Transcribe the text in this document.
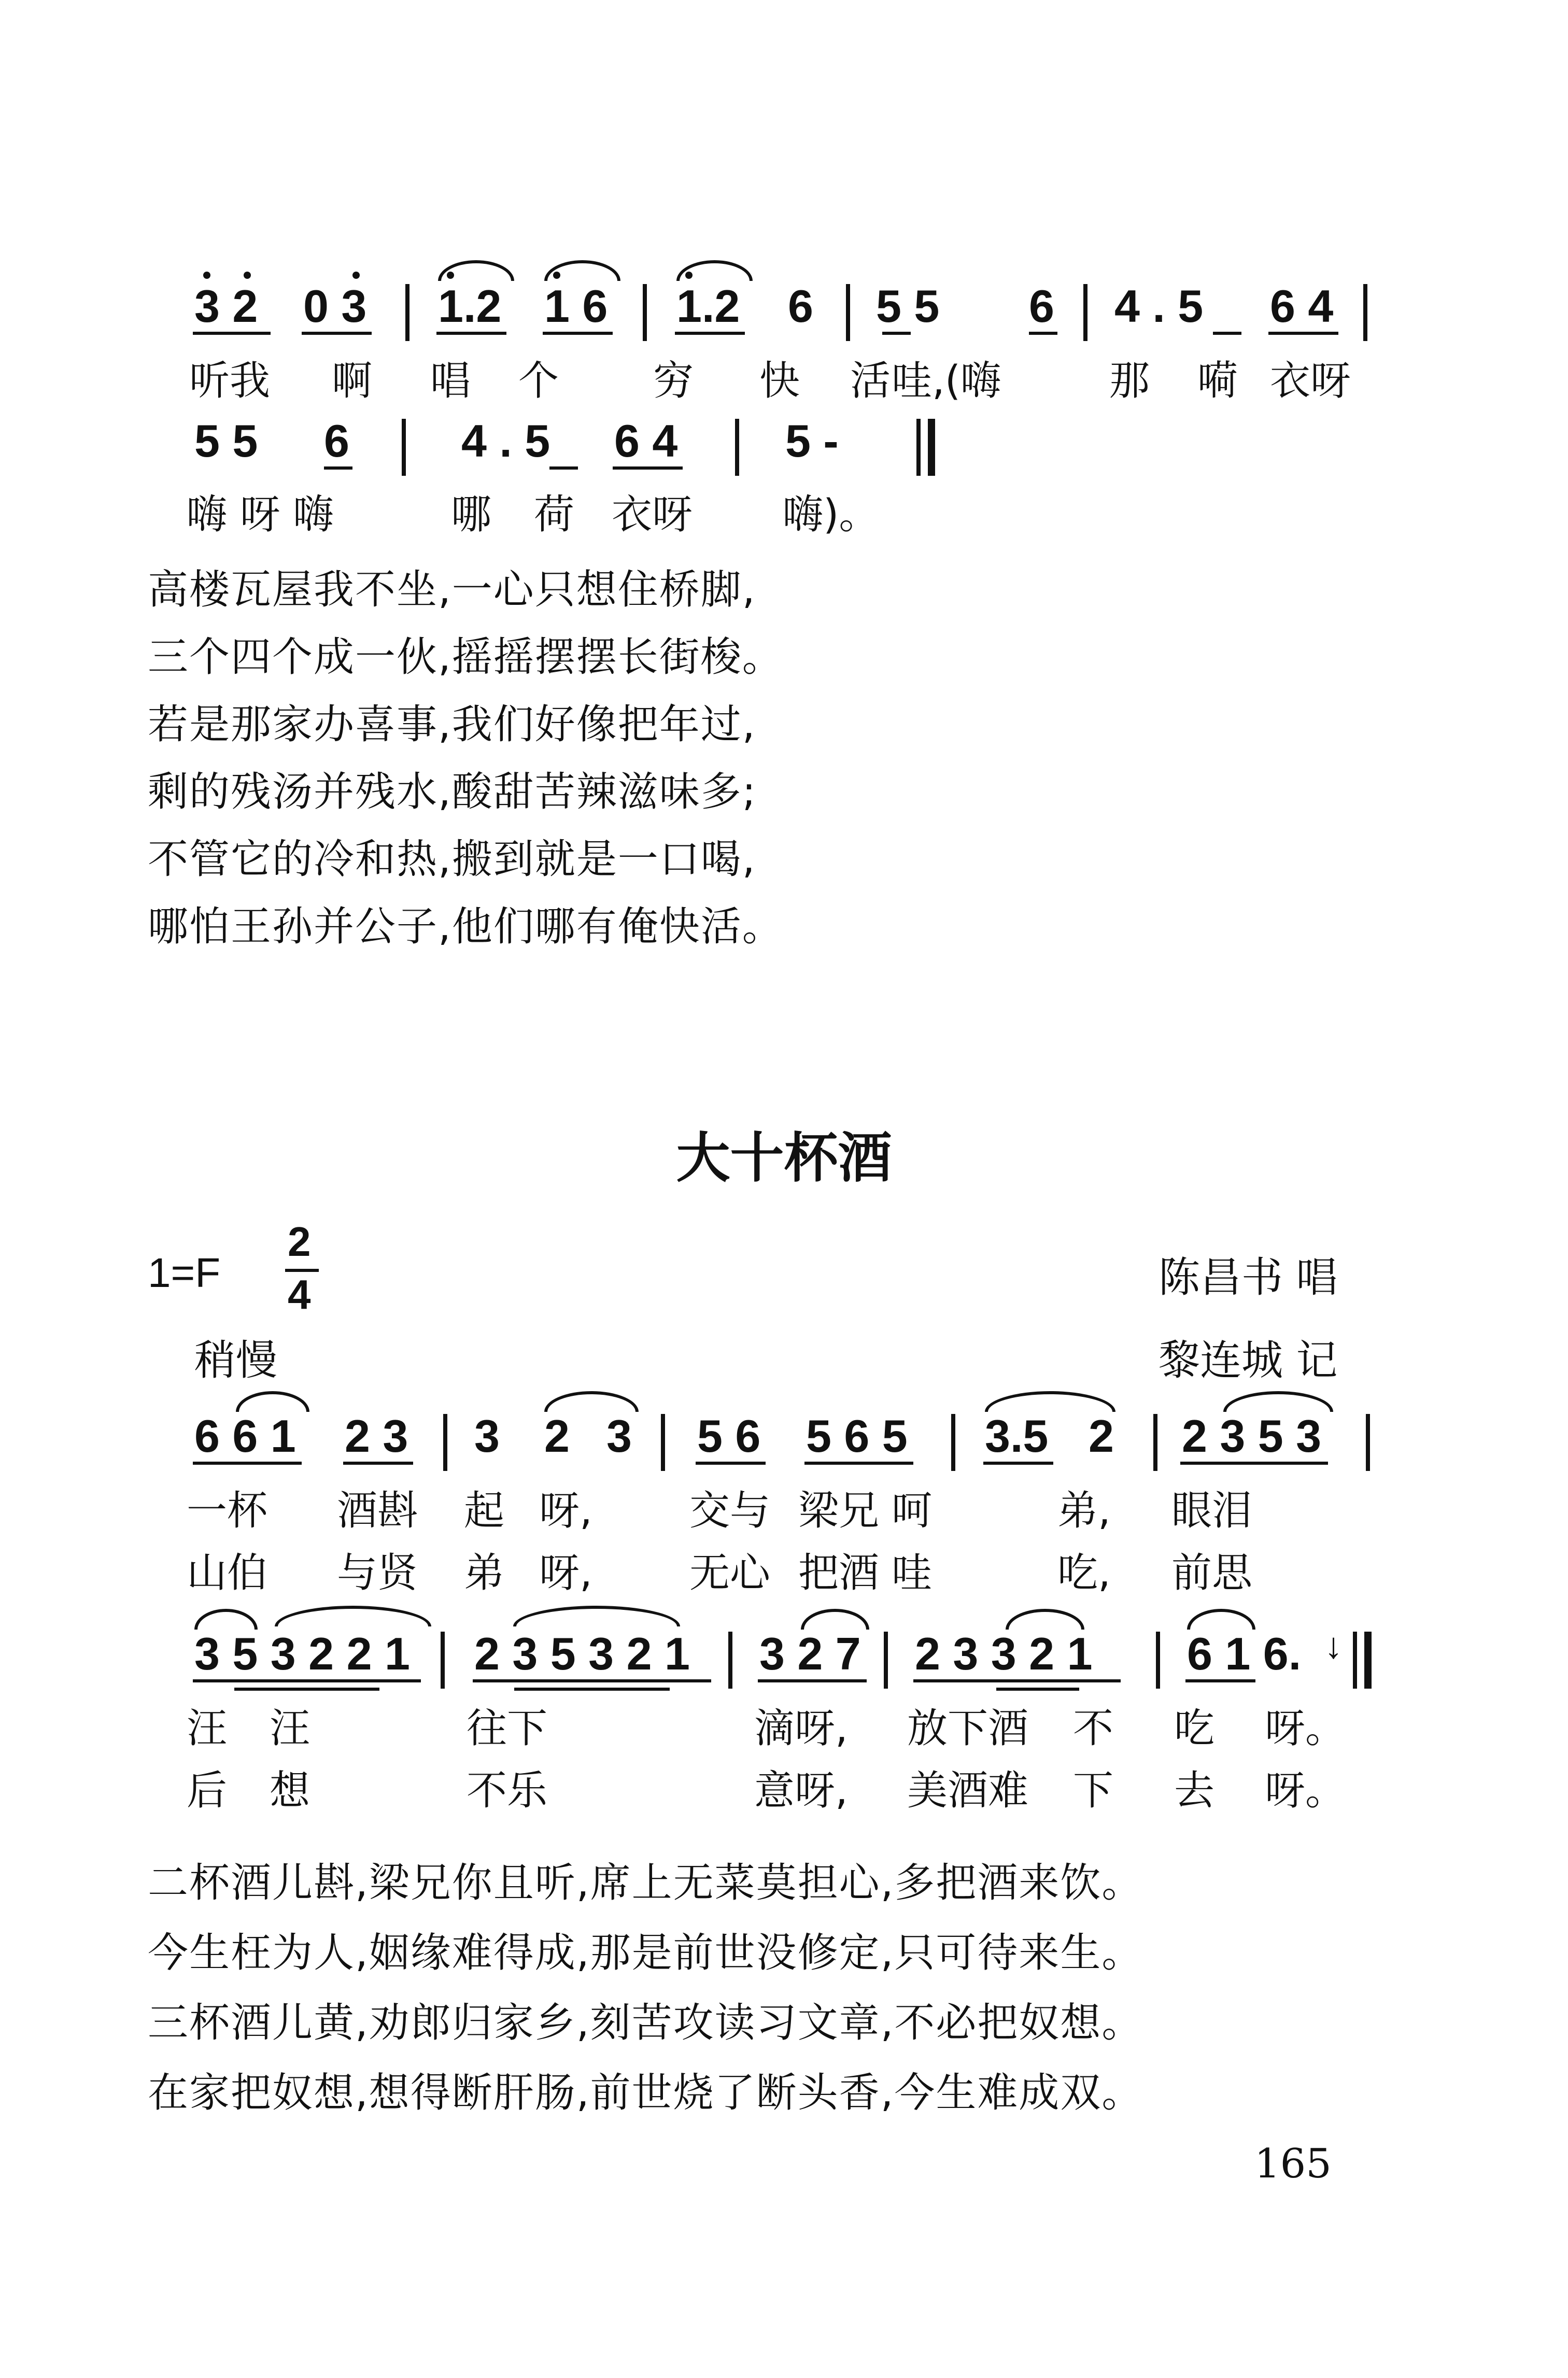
3 2 0 3 1.2 1 6 1.2 6 5 5 6 4 . 5 6 4
听我 啊 唱 个 穷 快 活 哇,(嗨	那 嗬 衣呀
5 5 6 4 . 5 6 4 5 -
嗨 呀 嗨	哪 荷 衣呀 嗨)。
高楼瓦屋我不坐,一心只想住桥脚,
三个四个成一伙,摇摇摆摆长街梭。
若是那家办喜事,我们好像把年过,
剩的残汤并残水,酸甜苦辣滋味多;
不管它的冷和热,搬到就是一口喝,
哪怕王孙并公子,他们哪有俺快活。
大十杯酒
1=F
2
4	陈昌书 唱
稍慢	黎连城 记
6 6 1 2 3 3 2 3 5 6 5 6 5 3.5 2 2 3 5 3
一杯 酒斟 起 呀, 交与 梁兄 呵	弟, 眼泪
山伯 与贤 弟 呀, 无心 把酒 哇	吃, 前思
3 5 3 2 2 1 2 3 5 3 2 1 3 2 7 2 3 3 2 1 6 1 6. ↓
汪 汪	往下	滴呀, 放下酒 不 吃 呀。
后 想	不乐	意呀, 美酒难 下 去 呀。
二杯酒儿斟,梁兄你且听,席上无菜莫担心,多把酒来饮。
今生枉为人,姻缘难得成,那是前世没修定,只可待来生。
三杯酒儿黄,劝郎归家乡,刻苦攻读习文章,不必把奴想。
在家把奴想,想得断肝肠,前世烧了断头香,今生难成双。
165
